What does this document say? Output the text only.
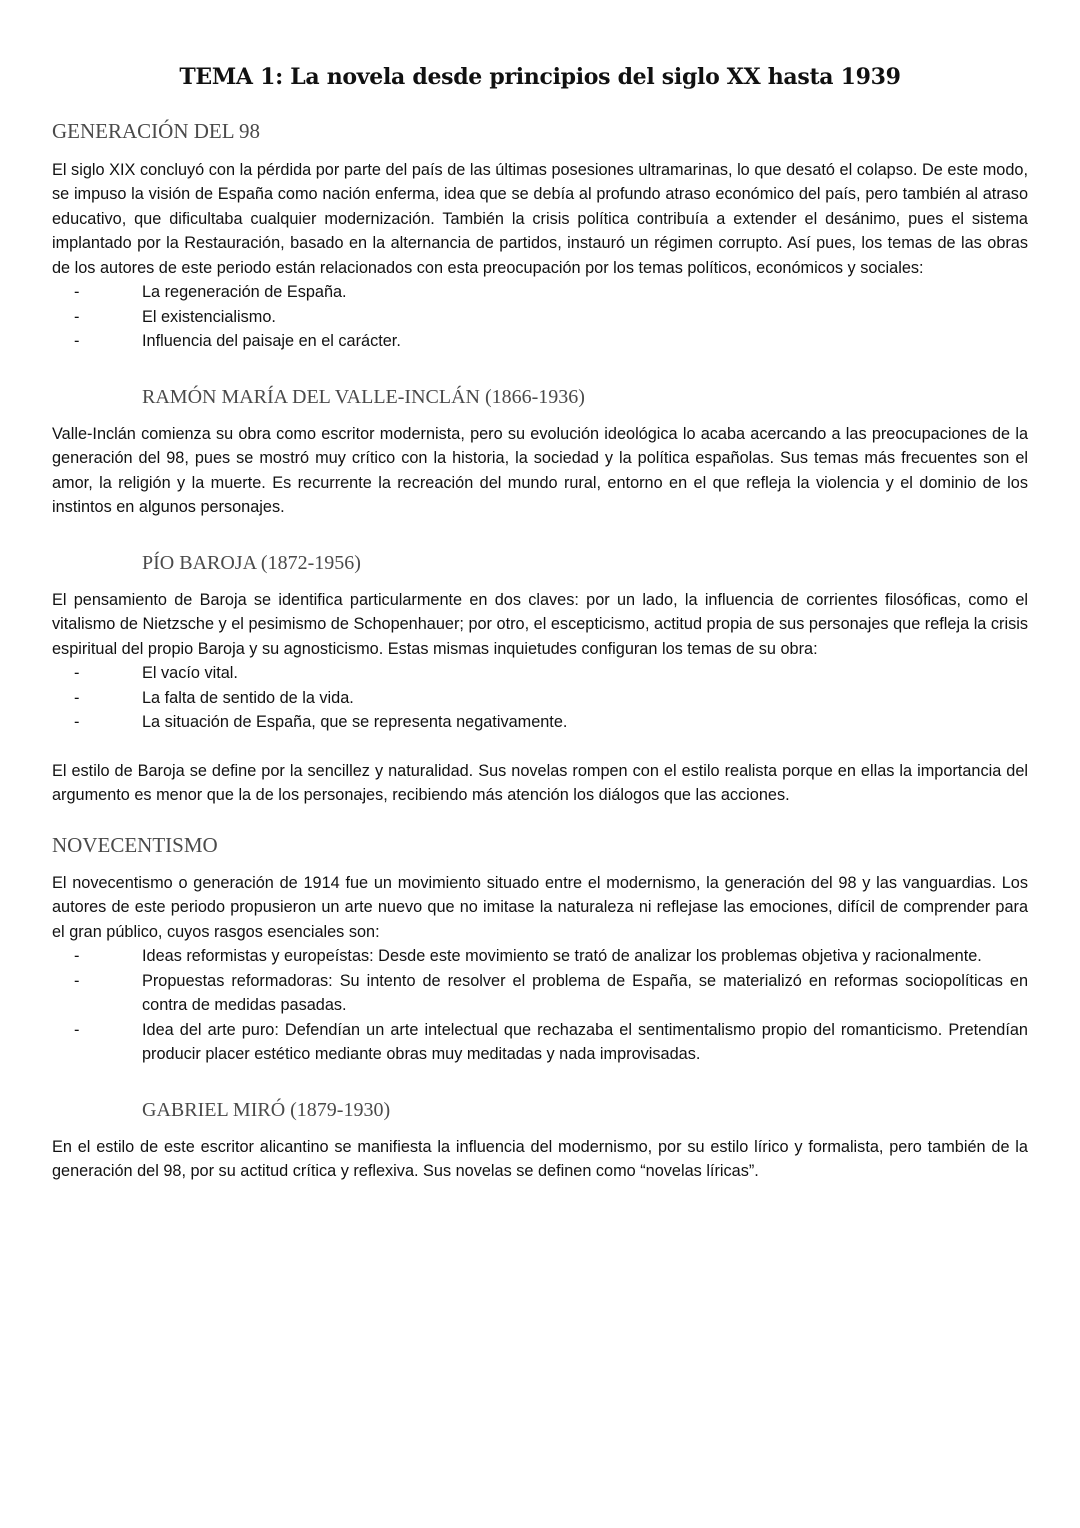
TEMA 1: La novela desde principios del siglo XX hasta 1939
GENERACIÓN DEL 98

El siglo XIX concluyó con la pérdida por parte del país de las últimas posesiones ultramarinas, lo que desató el colapso. De este modo, se impuso la visión de España como nación enferma, idea que se debía al profundo atraso económico del país, pero también al atraso educativo, que dificultaba cualquier modernización. También la crisis política contribuía a extender el desánimo, pues el sistema implantado por la Restauración, basado en la alternancia de partidos, instauró un régimen corrupto. Así pues, los temas de las obras de los autores de este periodo están relacionados con esta preocupación por los temas políticos, económicos y sociales:

-	La regeneración de España.
-	El existencialismo.
-	Influencia del paisaje en el carácter.
RAMÓN MARÍA DEL VALLE-INCLÁN (1866-1936)

Valle-Inclán comienza su obra como escritor modernista, pero su evolución ideológica lo acaba acercando a las preocupaciones de la generación del 98, pues se mostró muy crítico con la historia, la sociedad y la política españolas. Sus temas más frecuentes son el amor, la religión y la muerte. Es recurrente la recreación del mundo rural, entorno en el que refleja la violencia y el dominio de los instintos en algunos personajes.

PÍO BAROJA (1872-1956)

El pensamiento de Baroja se identifica particularmente en dos claves: por un lado, la influencia de corrientes filosóficas, como el vitalismo de Nietzsche y el pesimismo de Schopenhauer; por otro, el escepticismo, actitud propia de sus personajes que refleja la crisis espiritual del propio Baroja y su agnosticismo. Estas mismas inquietudes configuran los temas de su obra:

-	El vacío vital.
-	La falta de sentido de la vida.
-	La situación de España, que se representa negativamente.

El estilo de Baroja se define por la sencillez y naturalidad. Sus novelas rompen con el estilo realista porque en ellas la importancia del argumento es menor que la de los personajes, recibiendo más atención los diálogos que las acciones.

NOVECENTISMO

El novecentismo o generación de 1914 fue un movimiento situado entre el modernismo, la generación del 98 y las vanguardias. Los autores de este periodo propusieron un arte nuevo que no imitase la naturaleza ni reflejase las emociones, difícil de comprender para el gran público, cuyos rasgos esenciales son:

-	Ideas reformistas y europeístas: Desde este movimiento se trató de analizar los problemas objetiva y racionalmente.
-	Propuestas reformadoras: Su intento de resolver el problema de España, se materializó en reformas sociopolíticas en contra de medidas pasadas.
-	Idea del arte puro: Defendían un arte intelectual que rechazaba el sentimentalismo propio del romanticismo. Pretendían producir placer estético mediante obras muy meditadas y nada improvisadas.
GABRIEL MIRÓ (1879-1930)

En el estilo de este escritor alicantino se manifiesta la influencia del modernismo, por su estilo lírico y formalista, pero también de la generación del 98, por su actitud crítica y reflexiva. Sus novelas se definen como “novelas líricas”.
